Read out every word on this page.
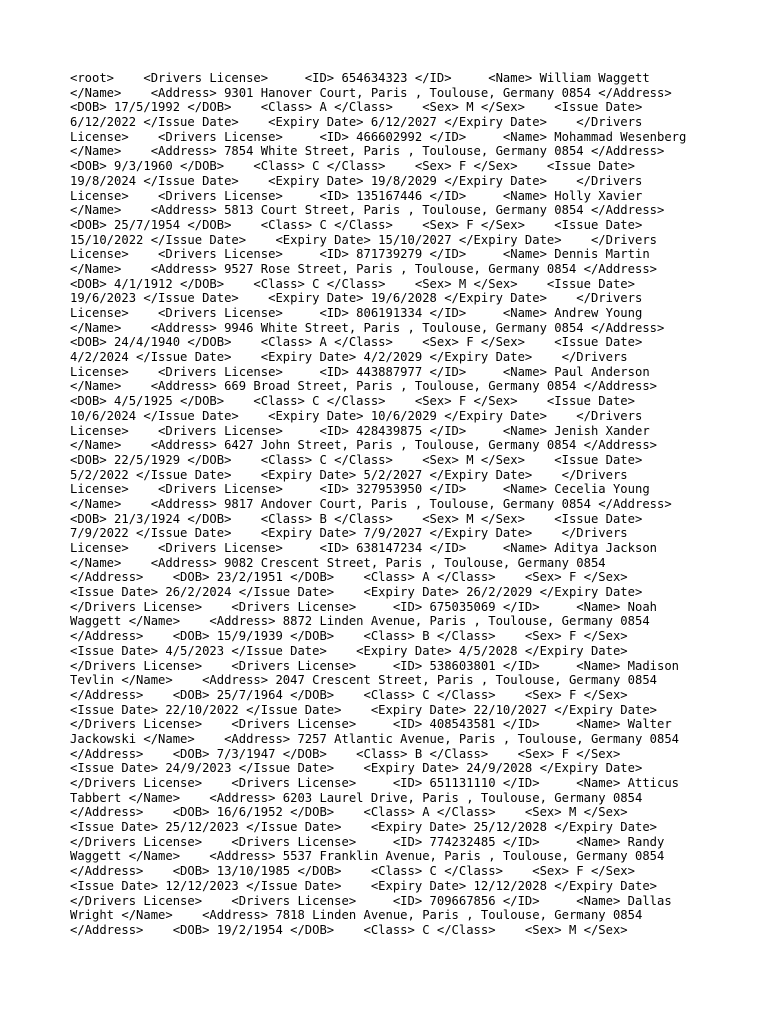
<root>    <Drivers License>     <ID> 654634323 </ID>     <Name> William Waggett
</Name>    <Address> 9301 Hanover Court, Paris , Toulouse, Germany 0854 </Address>
<DOB> 17/5/1992 </DOB>    <Class> A </Class>    <Sex> M </Sex>    <Issue Date>
6/12/2022 </Issue Date>    <Expiry Date> 6/12/2027 </Expiry Date>    </Drivers
License>    <Drivers License>     <ID> 466602992 </ID>     <Name> Mohammad Wesenberg
</Name>    <Address> 7854 White Street, Paris , Toulouse, Germany 0854 </Address>
<DOB> 9/3/1960 </DOB>    <Class> C </Class>    <Sex> F </Sex>    <Issue Date>
19/8/2024 </Issue Date>    <Expiry Date> 19/8/2029 </Expiry Date>    </Drivers
License>    <Drivers License>     <ID> 135167446 </ID>     <Name> Holly Xavier
</Name>    <Address> 5813 Court Street, Paris , Toulouse, Germany 0854 </Address>
<DOB> 25/7/1954 </DOB>    <Class> C </Class>    <Sex> F </Sex>    <Issue Date>
15/10/2022 </Issue Date>    <Expiry Date> 15/10/2027 </Expiry Date>    </Drivers
License>    <Drivers License>     <ID> 871739279 </ID>     <Name> Dennis Martin
</Name>    <Address> 9527 Rose Street, Paris , Toulouse, Germany 0854 </Address>
<DOB> 4/1/1912 </DOB>    <Class> C </Class>    <Sex> M </Sex>    <Issue Date>
19/6/2023 </Issue Date>    <Expiry Date> 19/6/2028 </Expiry Date>    </Drivers
License>    <Drivers License>     <ID> 806191334 </ID>     <Name> Andrew Young
</Name>    <Address> 9946 White Street, Paris , Toulouse, Germany 0854 </Address>
<DOB> 24/4/1940 </DOB>    <Class> A </Class>    <Sex> F </Sex>    <Issue Date>
4/2/2024 </Issue Date>    <Expiry Date> 4/2/2029 </Expiry Date>    </Drivers
License>    <Drivers License>     <ID> 443887977 </ID>     <Name> Paul Anderson
</Name>    <Address> 669 Broad Street, Paris , Toulouse, Germany 0854 </Address>
<DOB> 4/5/1925 </DOB>    <Class> C </Class>    <Sex> F </Sex>    <Issue Date>
10/6/2024 </Issue Date>    <Expiry Date> 10/6/2029 </Expiry Date>    </Drivers
License>    <Drivers License>     <ID> 428439875 </ID>     <Name> Jenish Xander
</Name>    <Address> 6427 John Street, Paris , Toulouse, Germany 0854 </Address>
<DOB> 22/5/1929 </DOB>    <Class> C </Class>    <Sex> M </Sex>    <Issue Date>
5/2/2022 </Issue Date>    <Expiry Date> 5/2/2027 </Expiry Date>    </Drivers
License>    <Drivers License>     <ID> 327953950 </ID>     <Name> Cecelia Young
</Name>    <Address> 9817 Andover Court, Paris , Toulouse, Germany 0854 </Address>
<DOB> 21/3/1924 </DOB>    <Class> B </Class>    <Sex> M </Sex>    <Issue Date>
7/9/2022 </Issue Date>    <Expiry Date> 7/9/2027 </Expiry Date>    </Drivers
License>    <Drivers License>     <ID> 638147234 </ID>     <Name> Aditya Jackson
</Name>    <Address> 9082 Crescent Street, Paris , Toulouse, Germany 0854
</Address>    <DOB> 23/2/1951 </DOB>    <Class> A </Class>    <Sex> F </Sex>
<Issue Date> 26/2/2024 </Issue Date>    <Expiry Date> 26/2/2029 </Expiry Date>
</Drivers License>    <Drivers License>     <ID> 675035069 </ID>     <Name> Noah
Waggett </Name>    <Address> 8872 Linden Avenue, Paris , Toulouse, Germany 0854
</Address>    <DOB> 15/9/1939 </DOB>    <Class> B </Class>    <Sex> F </Sex>
<Issue Date> 4/5/2023 </Issue Date>    <Expiry Date> 4/5/2028 </Expiry Date>
</Drivers License>    <Drivers License>     <ID> 538603801 </ID>     <Name> Madison
Tevlin </Name>    <Address> 2047 Crescent Street, Paris , Toulouse, Germany 0854
</Address>    <DOB> 25/7/1964 </DOB>    <Class> C </Class>    <Sex> F </Sex>
<Issue Date> 22/10/2022 </Issue Date>    <Expiry Date> 22/10/2027 </Expiry Date>
</Drivers License>    <Drivers License>     <ID> 408543581 </ID>     <Name> Walter
Jackowski </Name>    <Address> 7257 Atlantic Avenue, Paris , Toulouse, Germany 0854
</Address>    <DOB> 7/3/1947 </DOB>    <Class> B </Class>    <Sex> F </Sex>
<Issue Date> 24/9/2023 </Issue Date>    <Expiry Date> 24/9/2028 </Expiry Date>
</Drivers License>    <Drivers License>     <ID> 651131110 </ID>     <Name> Atticus
Tabbert </Name>    <Address> 6203 Laurel Drive, Paris , Toulouse, Germany 0854
</Address>    <DOB> 16/6/1952 </DOB>    <Class> A </Class>    <Sex> M </Sex>
<Issue Date> 25/12/2023 </Issue Date>    <Expiry Date> 25/12/2028 </Expiry Date>
</Drivers License>    <Drivers License>     <ID> 774232485 </ID>     <Name> Randy
Waggett </Name>    <Address> 5537 Franklin Avenue, Paris , Toulouse, Germany 0854
</Address>    <DOB> 13/10/1985 </DOB>    <Class> C </Class>    <Sex> F </Sex>
<Issue Date> 12/12/2023 </Issue Date>    <Expiry Date> 12/12/2028 </Expiry Date>
</Drivers License>    <Drivers License>     <ID> 709667856 </ID>     <Name> Dallas
Wright </Name>    <Address> 7818 Linden Avenue, Paris , Toulouse, Germany 0854
</Address>    <DOB> 19/2/1954 </DOB>    <Class> C </Class>    <Sex> M </Sex>
